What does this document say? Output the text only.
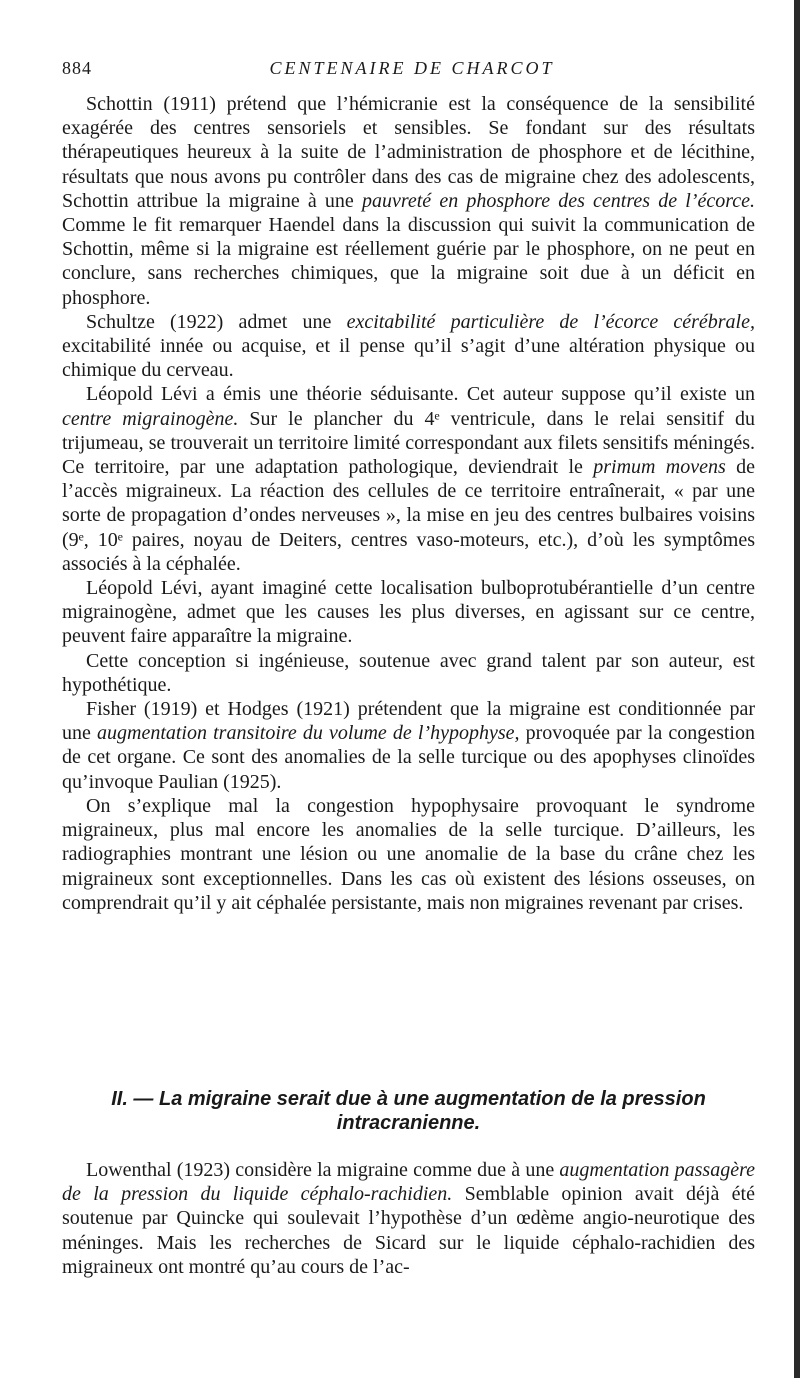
884	CENTENAIRE DE CHARCOT

Schottin (1911) prétend que l’hémicranie est la conséquence de la sensibilité exagérée des centres sensoriels et sensibles. Se fondant sur des résultats thérapeutiques heureux à la suite de l’administration de phosphore et de lécithine, résultats que nous avons pu contrôler dans des cas de migraine chez des adolescents, Schottin attribue la migraine à une pauvreté en phosphore des centres de l’écorce. Comme le fit remarquer Haendel dans la discussion qui suivit la communication de Schottin, même si la migraine est réellement guérie par le phosphore, on ne peut en conclure, sans recherches chimiques, que la migraine soit due à un déficit en phosphore.

Schultze (1922) admet une excitabilité particulière de l’écorce cérébrale, excitabilité innée ou acquise, et il pense qu’il s’agit d’une altération physique ou chimique du cerveau.

Léopold Lévi a émis une théorie séduisante. Cet auteur suppose qu’il existe un centre migrainogène. Sur le plancher du 4ᵉ ventricule, dans le relai sensitif du trijumeau, se trouverait un territoire limité correspondant aux filets sensitifs méningés. Ce territoire, par une adaptation pathologique, deviendrait le primum movens de l’accès migraineux. La réaction des cellules de ce territoire entraînerait, « par une sorte de propagation d’ondes nerveuses », la mise en jeu des centres bulbaires voisins (9ᵉ, 10ᵉ paires, noyau de Deiters, centres vaso-moteurs, etc.), d’où les symptômes associés à la céphalée.

Léopold Lévi, ayant imaginé cette localisation bulboprotubérantielle d’un centre migrainogène, admet que les causes les plus diverses, en agissant sur ce centre, peuvent faire apparaître la migraine.

Cette conception si ingénieuse, soutenue avec grand talent par son auteur, est hypothétique.

Fisher (1919) et Hodges (1921) prétendent que la migraine est conditionnée par une augmentation transitoire du volume de l’hypophyse, provoquée par la congestion de cet organe. Ce sont des anomalies de la selle turcique ou des apophyses clinoïdes qu’invoque Paulian (1925).

On s’explique mal la congestion hypophysaire provoquant le syndrome migraineux, plus mal encore les anomalies de la selle turcique. D’ailleurs, les radiographies montrant une lésion ou une anomalie de la base du crâne chez les migraineux sont exceptionnelles. Dans les cas où existent des lésions osseuses, on comprendrait qu’il y ait céphalée persistante, mais non migraines revenant par crises.

II. — La migraine serait due à une augmentation de la pression
intracranienne.

Lowenthal (1923) considère la migraine comme due à une augmentation passagère de la pression du liquide céphalo-rachidien. Semblable opinion avait déjà été soutenue par Quincke qui soulevait l’hypothèse d’un œdème angio-neurotique des méninges. Mais les recherches de Sicard sur le liquide céphalo-rachidien des migraineux ont montré qu’au cours de l’ac-
